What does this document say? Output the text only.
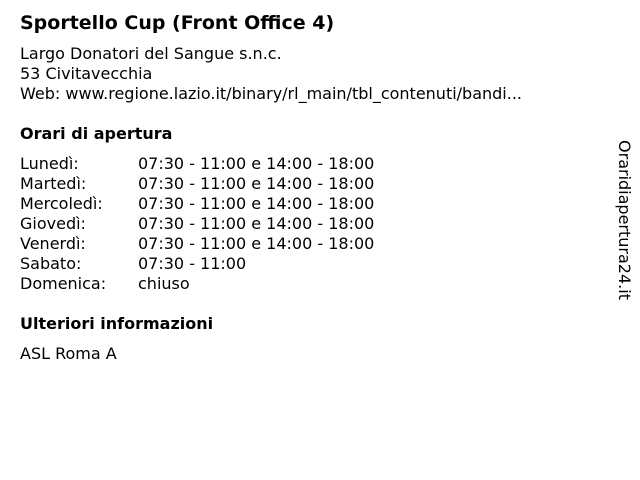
Sportello Cup (Front Office 4)
Largo Donatori del Sangue s.n.c.
53 Civitavecchia
Web: www.regione.lazio.it/binary/rl_main/tbl_contenuti/bandi...
Orari di apertura
Lunedì:	07:30 - 11:00 e 14:00 - 18:00
Martedì:	07:30 - 11:00 e 14:00 - 18:00
Mercoledì:	07:30 - 11:00 e 14:00 - 18:00
Giovedì:	07:30 - 11:00 e 14:00 - 18:00
Venerdì:	07:30 - 11:00 e 14:00 - 18:00
Sabato:	07:30 - 11:00
Domenica:	chiuso
Ulteriori informazioni
ASL Roma A
Oraridiapertura24.it
